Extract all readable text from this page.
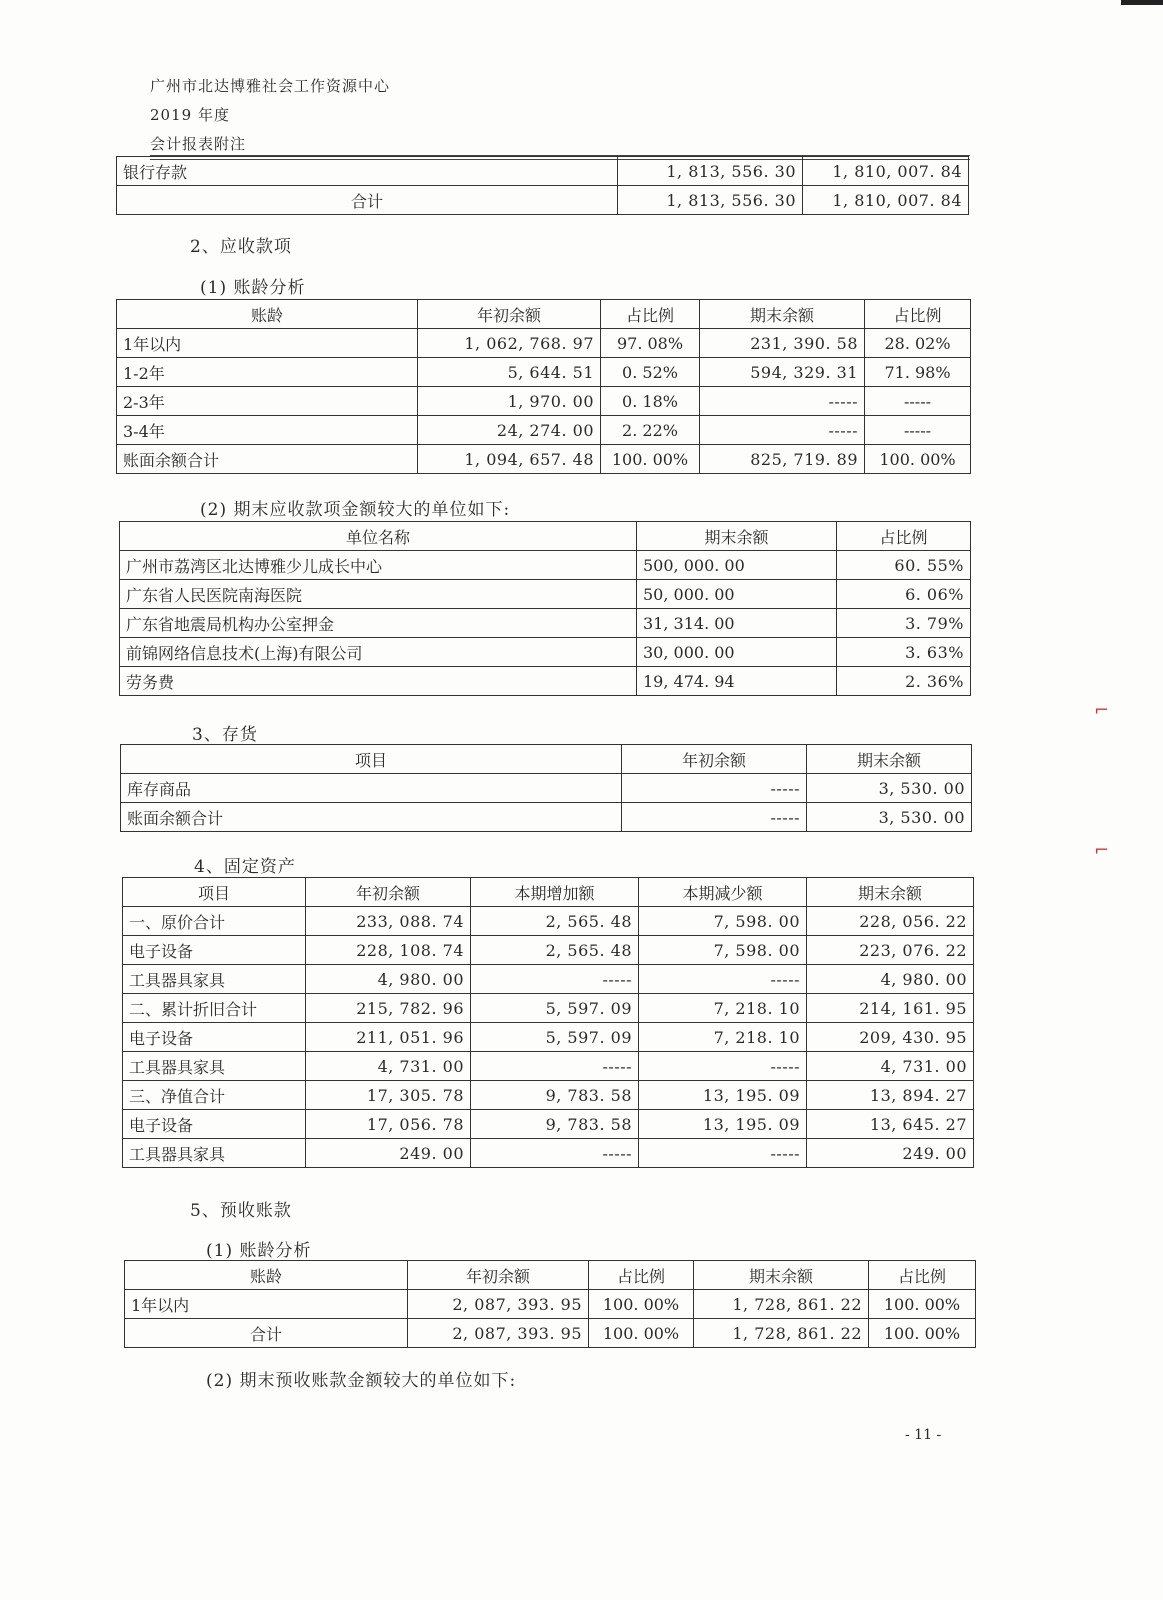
广州市北达博雅社会工作资源中心
2019 年度
会计报表附注
银行存款	1, 813, 556. 30	1, 810, 007. 84
合计	1, 813, 556. 30	1, 810, 007. 84
2、应收款项
(1) 账龄分析
账龄	年初余额	占比例	期末余额	占比例
1年以内	1, 062, 768. 97	97. 08%	231, 390. 58	28. 02%
1-2年	5, 644. 51	0. 52%	594, 329. 31	71. 98%
2-3年	1, 970. 00	0. 18%	-----	-----
3-4年	24, 274. 00	2. 22%	-----	-----
账面余额合计	1, 094, 657. 48	100. 00%	825, 719. 89	100. 00%
(2) 期末应收款项金额较大的单位如下:
单位名称	期末余额	占比例
广州市荔湾区北达博雅少儿成长中心	500, 000. 00	60. 55%
广东省人民医院南海医院	50, 000. 00	6. 06%
广东省地震局机构办公室押金	31, 314. 00	3. 79%
前锦网络信息技术(上海)有限公司	30, 000. 00	3. 63%
劳务费	19, 474. 94	2. 36%
3、存货
项目	年初余额	期末余额
库存商品	-----	3, 530. 00
账面余额合计	-----	3, 530. 00
4、固定资产
项目	年初余额	本期增加额	本期减少额	期末余额
一、原价合计	233, 088. 74	2, 565. 48	7, 598. 00	228, 056. 22
电子设备	228, 108. 74	2, 565. 48	7, 598. 00	223, 076. 22
工具器具家具	4, 980. 00	-----	-----	4, 980. 00
二、累计折旧合计	215, 782. 96	5, 597. 09	7, 218. 10	214, 161. 95
电子设备	211, 051. 96	5, 597. 09	7, 218. 10	209, 430. 95
工具器具家具	4, 731. 00	-----	-----	4, 731. 00
三、净值合计	17, 305. 78	9, 783. 58	13, 195. 09	13, 894. 27
电子设备	17, 056. 78	9, 783. 58	13, 195. 09	13, 645. 27
工具器具家具	249. 00	-----	-----	249. 00
5、预收账款
(1) 账龄分析
账龄	年初余额	占比例	期末余额	占比例
1年以内	2, 087, 393. 95	100. 00%	1, 728, 861. 22	100. 00%
合计	2, 087, 393. 95	100. 00%	1, 728, 861. 22	100. 00%
(2) 期末预收账款金额较大的单位如下:
- 11 -
⌐
⌐
